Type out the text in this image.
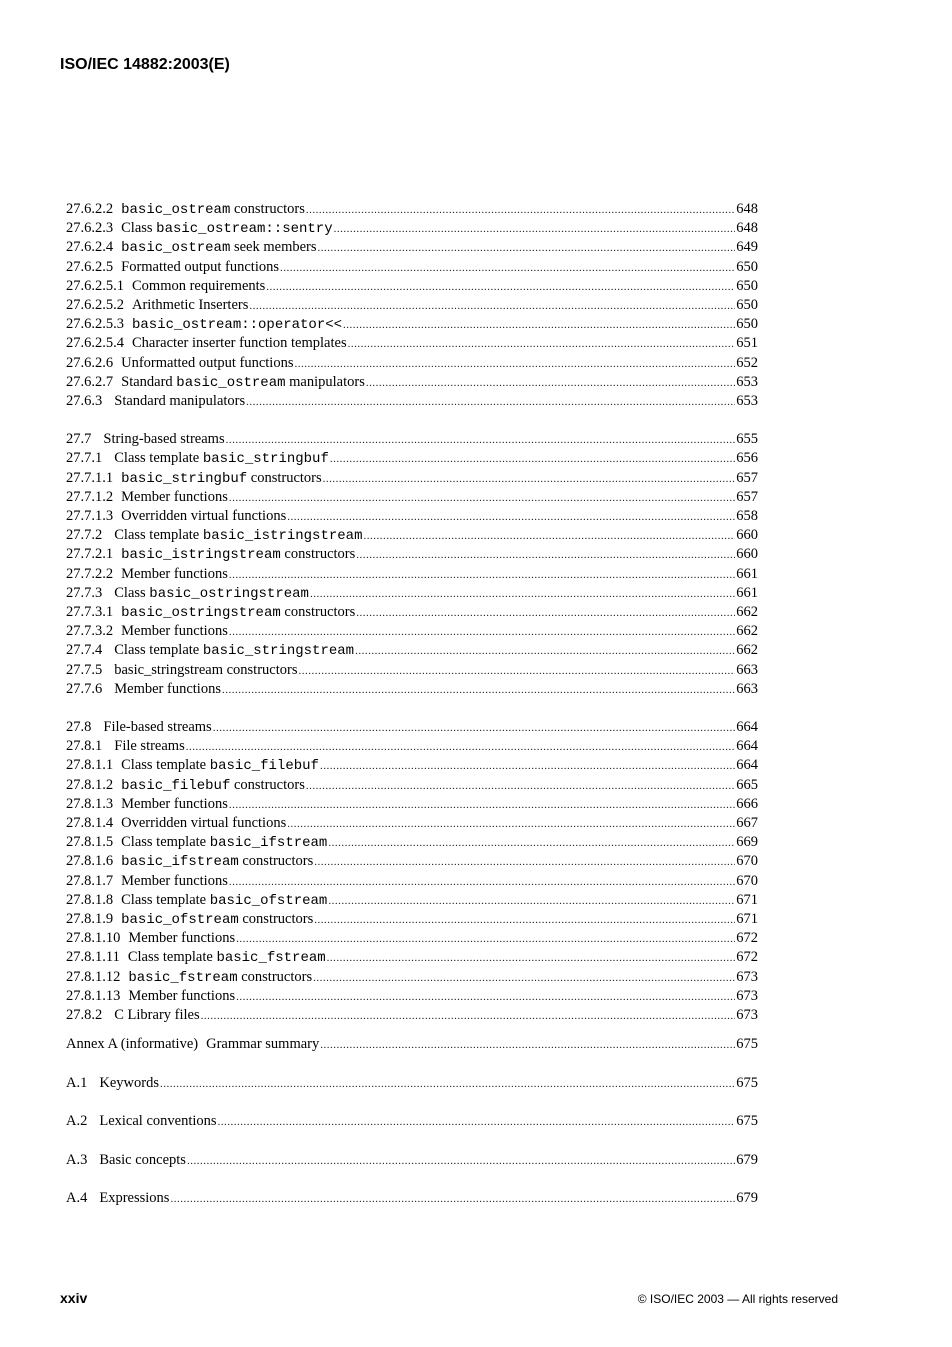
ISO/IEC 14882:2003(E)
27.6.2.2 basic_ostream constructors .....	648
27.6.2.3 Class basic_ostream::sentry .....	648
27.6.2.4 basic_ostream seek members .....	649
27.6.2.5 Formatted output functions .....	650
27.6.2.5.1 Common requirements .....	650
27.6.2.5.2 Arithmetic Inserters .....	650
27.6.2.5.3 basic_ostream::operator<< .....	650
27.6.2.5.4 Character inserter function templates .....	651
27.6.2.6 Unformatted output functions .....	652
27.6.2.7 Standard basic_ostream manipulators .....	653
27.6.3 Standard manipulators .....	653
27.7 String-based streams .....	655
27.7.1 Class template basic_stringbuf .....	656
27.7.1.1 basic_stringbuf constructors .....	657
27.7.1.2 Member functions .....	657
27.7.1.3 Overridden virtual functions .....	658
27.7.2 Class template basic_istringstream .....	660
27.7.2.1 basic_istringstream constructors .....	660
27.7.2.2 Member functions .....	661
27.7.3 Class basic_ostringstream .....	661
27.7.3.1 basic_ostringstream constructors .....	662
27.7.3.2 Member functions .....	662
27.7.4 Class template basic_stringstream .....	662
27.7.5 basic_stringstream constructors .....	663
27.7.6 Member functions .....	663
27.8 File-based streams .....	664
27.8.1 File streams .....	664
27.8.1.1 Class template basic_filebuf .....	664
27.8.1.2 basic_filebuf constructors .....	665
27.8.1.3 Member functions .....	666
27.8.1.4 Overridden virtual functions .....	667
27.8.1.5 Class template basic_ifstream .....	669
27.8.1.6 basic_ifstream constructors .....	670
27.8.1.7 Member functions .....	670
27.8.1.8 Class template basic_ofstream .....	671
27.8.1.9 basic_ofstream constructors .....	671
27.8.1.10 Member functions .....	672
27.8.1.11 Class template basic_fstream .....	672
27.8.1.12 basic_fstream constructors .....	673
27.8.1.13 Member functions .....	673
27.8.2 C Library files .....	673
Annex A (informative) Grammar summary .....	675
A.1 Keywords .....	675
A.2 Lexical conventions .....	675
A.3 Basic concepts .....	679
A.4 Expressions .....	679
xxiv	© ISO/IEC 2003 — All rights reserved
